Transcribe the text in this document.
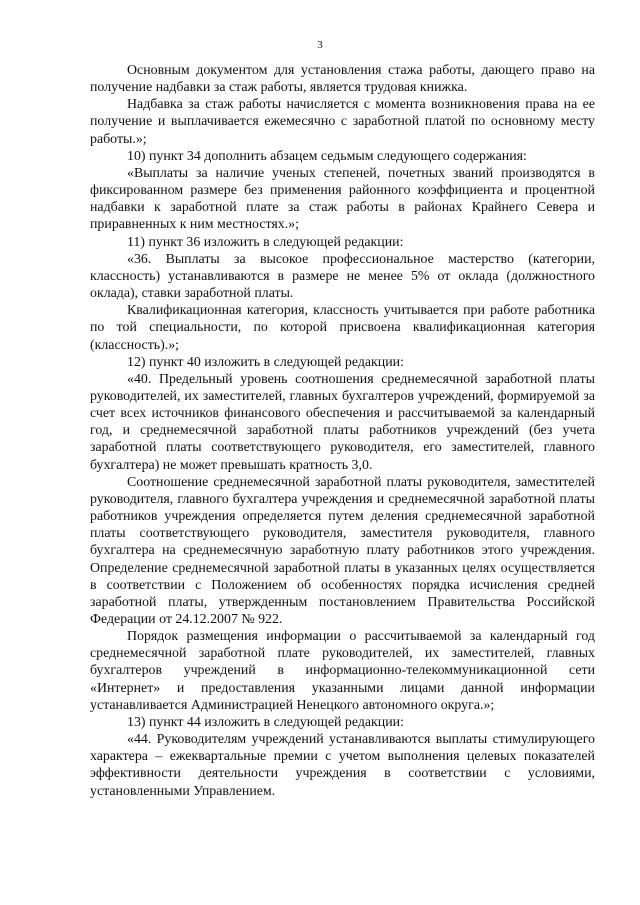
3

Основным документом для установления стажа работы, дающего право на получение надбавки за стаж работы, является трудовая книжка.

Надбавка за стаж работы начисляется с момента возникновения права на ее получение и выплачивается ежемесячно с заработной платой по основному месту работы.»;

10) пункт 34 дополнить абзацем седьмым следующего содержания:

«Выплаты за наличие ученых степеней, почетных званий производятся в фиксированном размере без применения районного коэффициента и процентной надбавки к заработной плате за стаж работы в районах Крайнего Севера и приравненных к ним местностях.»;

11) пункт 36 изложить в следующей редакции:

«36. Выплаты за высокое профессиональное мастерство (категории, классность) устанавливаются в размере не менее 5% от оклада (должностного оклада), ставки заработной платы.

Квалификационная категория, классность учитывается при работе работника по той специальности, по которой присвоена квалификационная категория (классность).»;

12) пункт 40 изложить в следующей редакции:

«40. Предельный уровень соотношения среднемесячной заработной платы руководителей, их заместителей, главных бухгалтеров учреждений, формируемой за счет всех источников финансового обеспечения и рассчитываемой за календарный год, и среднемесячной заработной платы работников учреждений (без учета заработной платы соответствующего руководителя, его заместителей, главного бухгалтера) не может превышать кратность 3,0.

Соотношение среднемесячной заработной платы руководителя, заместителей руководителя, главного бухгалтера учреждения и среднемесячной заработной платы работников учреждения определяется путем деления среднемесячной заработной платы соответствующего руководителя, заместителя руководителя, главного бухгалтера на среднемесячную заработную плату работников этого учреждения. Определение среднемесячной заработной платы в указанных целях осуществляется в соответствии с Положением об особенностях порядка исчисления средней заработной платы, утвержденным постановлением Правительства Российской Федерации от 24.12.2007 № 922.

Порядок размещения информации о рассчитываемой за календарный год среднемесячной заработной плате руководителей, их заместителей, главных бухгалтеров учреждений в информационно-телекоммуникационной сети «Интернет» и предоставления указанными лицами данной информации устанавливается Администрацией Ненецкого автономного округа.»;

13) пункт 44 изложить в следующей редакции:

«44. Руководителям учреждений устанавливаются выплаты стимулирующего характера – ежеквартальные премии с учетом выполнения целевых показателей эффективности деятельности учреждения в соответствии с условиями, установленными Управлением.
